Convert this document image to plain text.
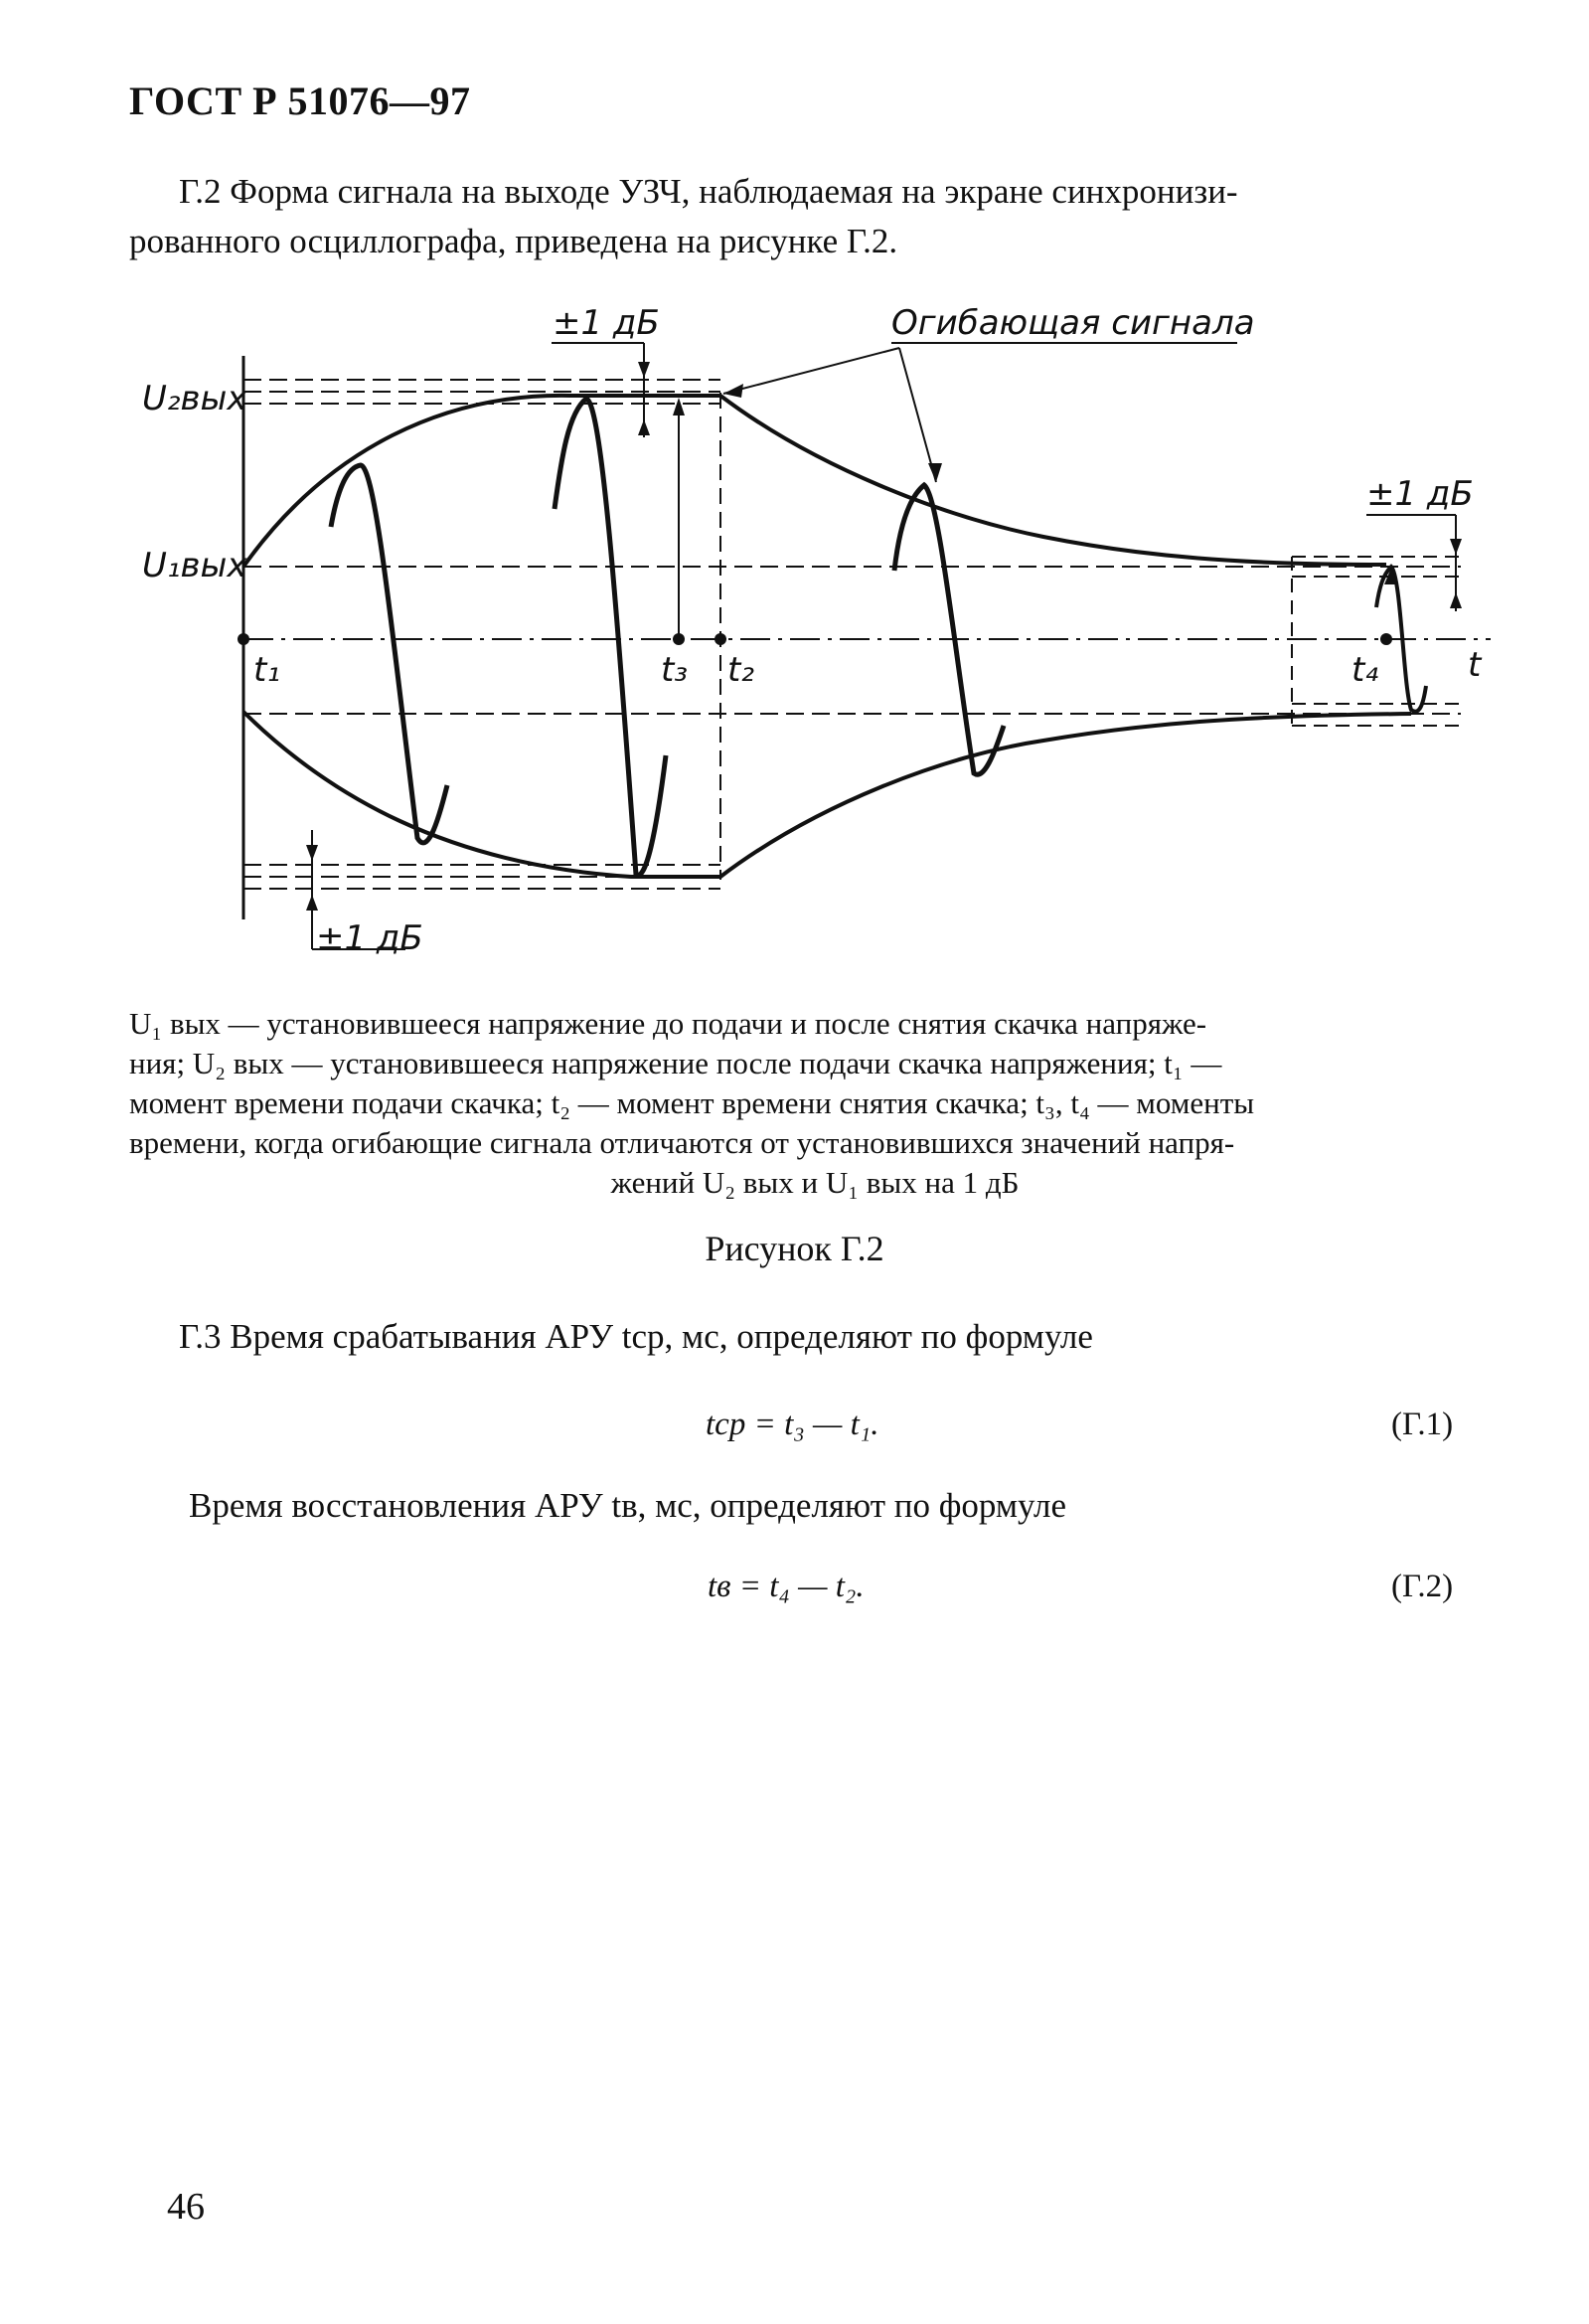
ГОСТ Р 51076—97
Г.2 Форма сигнала на выходе УЗЧ, наблюдаемая на экране синхронизи-
рованного осциллографа, приведена на рисунке Г.2.
±1 дБ	Огибающая сигнала
±1 дБ
±1 дБ
U₂вых
U₁вых
t₁	t₃ t₂	t₄	t
U₁ вых — установившееся напряжение до подачи и после снятия скачка напряже-
ния; U₂ вых — установившееся напряжение после подачи скачка напряжения; t₁ —
момент времени подачи скачка; t₂ — момент времени снятия скачка; t₃, t₄ — моменты
времени, когда огибающие сигнала отличаются от установившихся значений напря-
жений U₂ вых и U₁ вых на 1 дБ
Рисунок Г.2
Г.3 Время срабатывания АРУ tср, мс, определяют по формуле
tср = t₃ — t₁.	(Г.1)
Время восстановления АРУ tв, мс, определяют по формуле
tв = t₄ — t₂.	(Г.2)
46
